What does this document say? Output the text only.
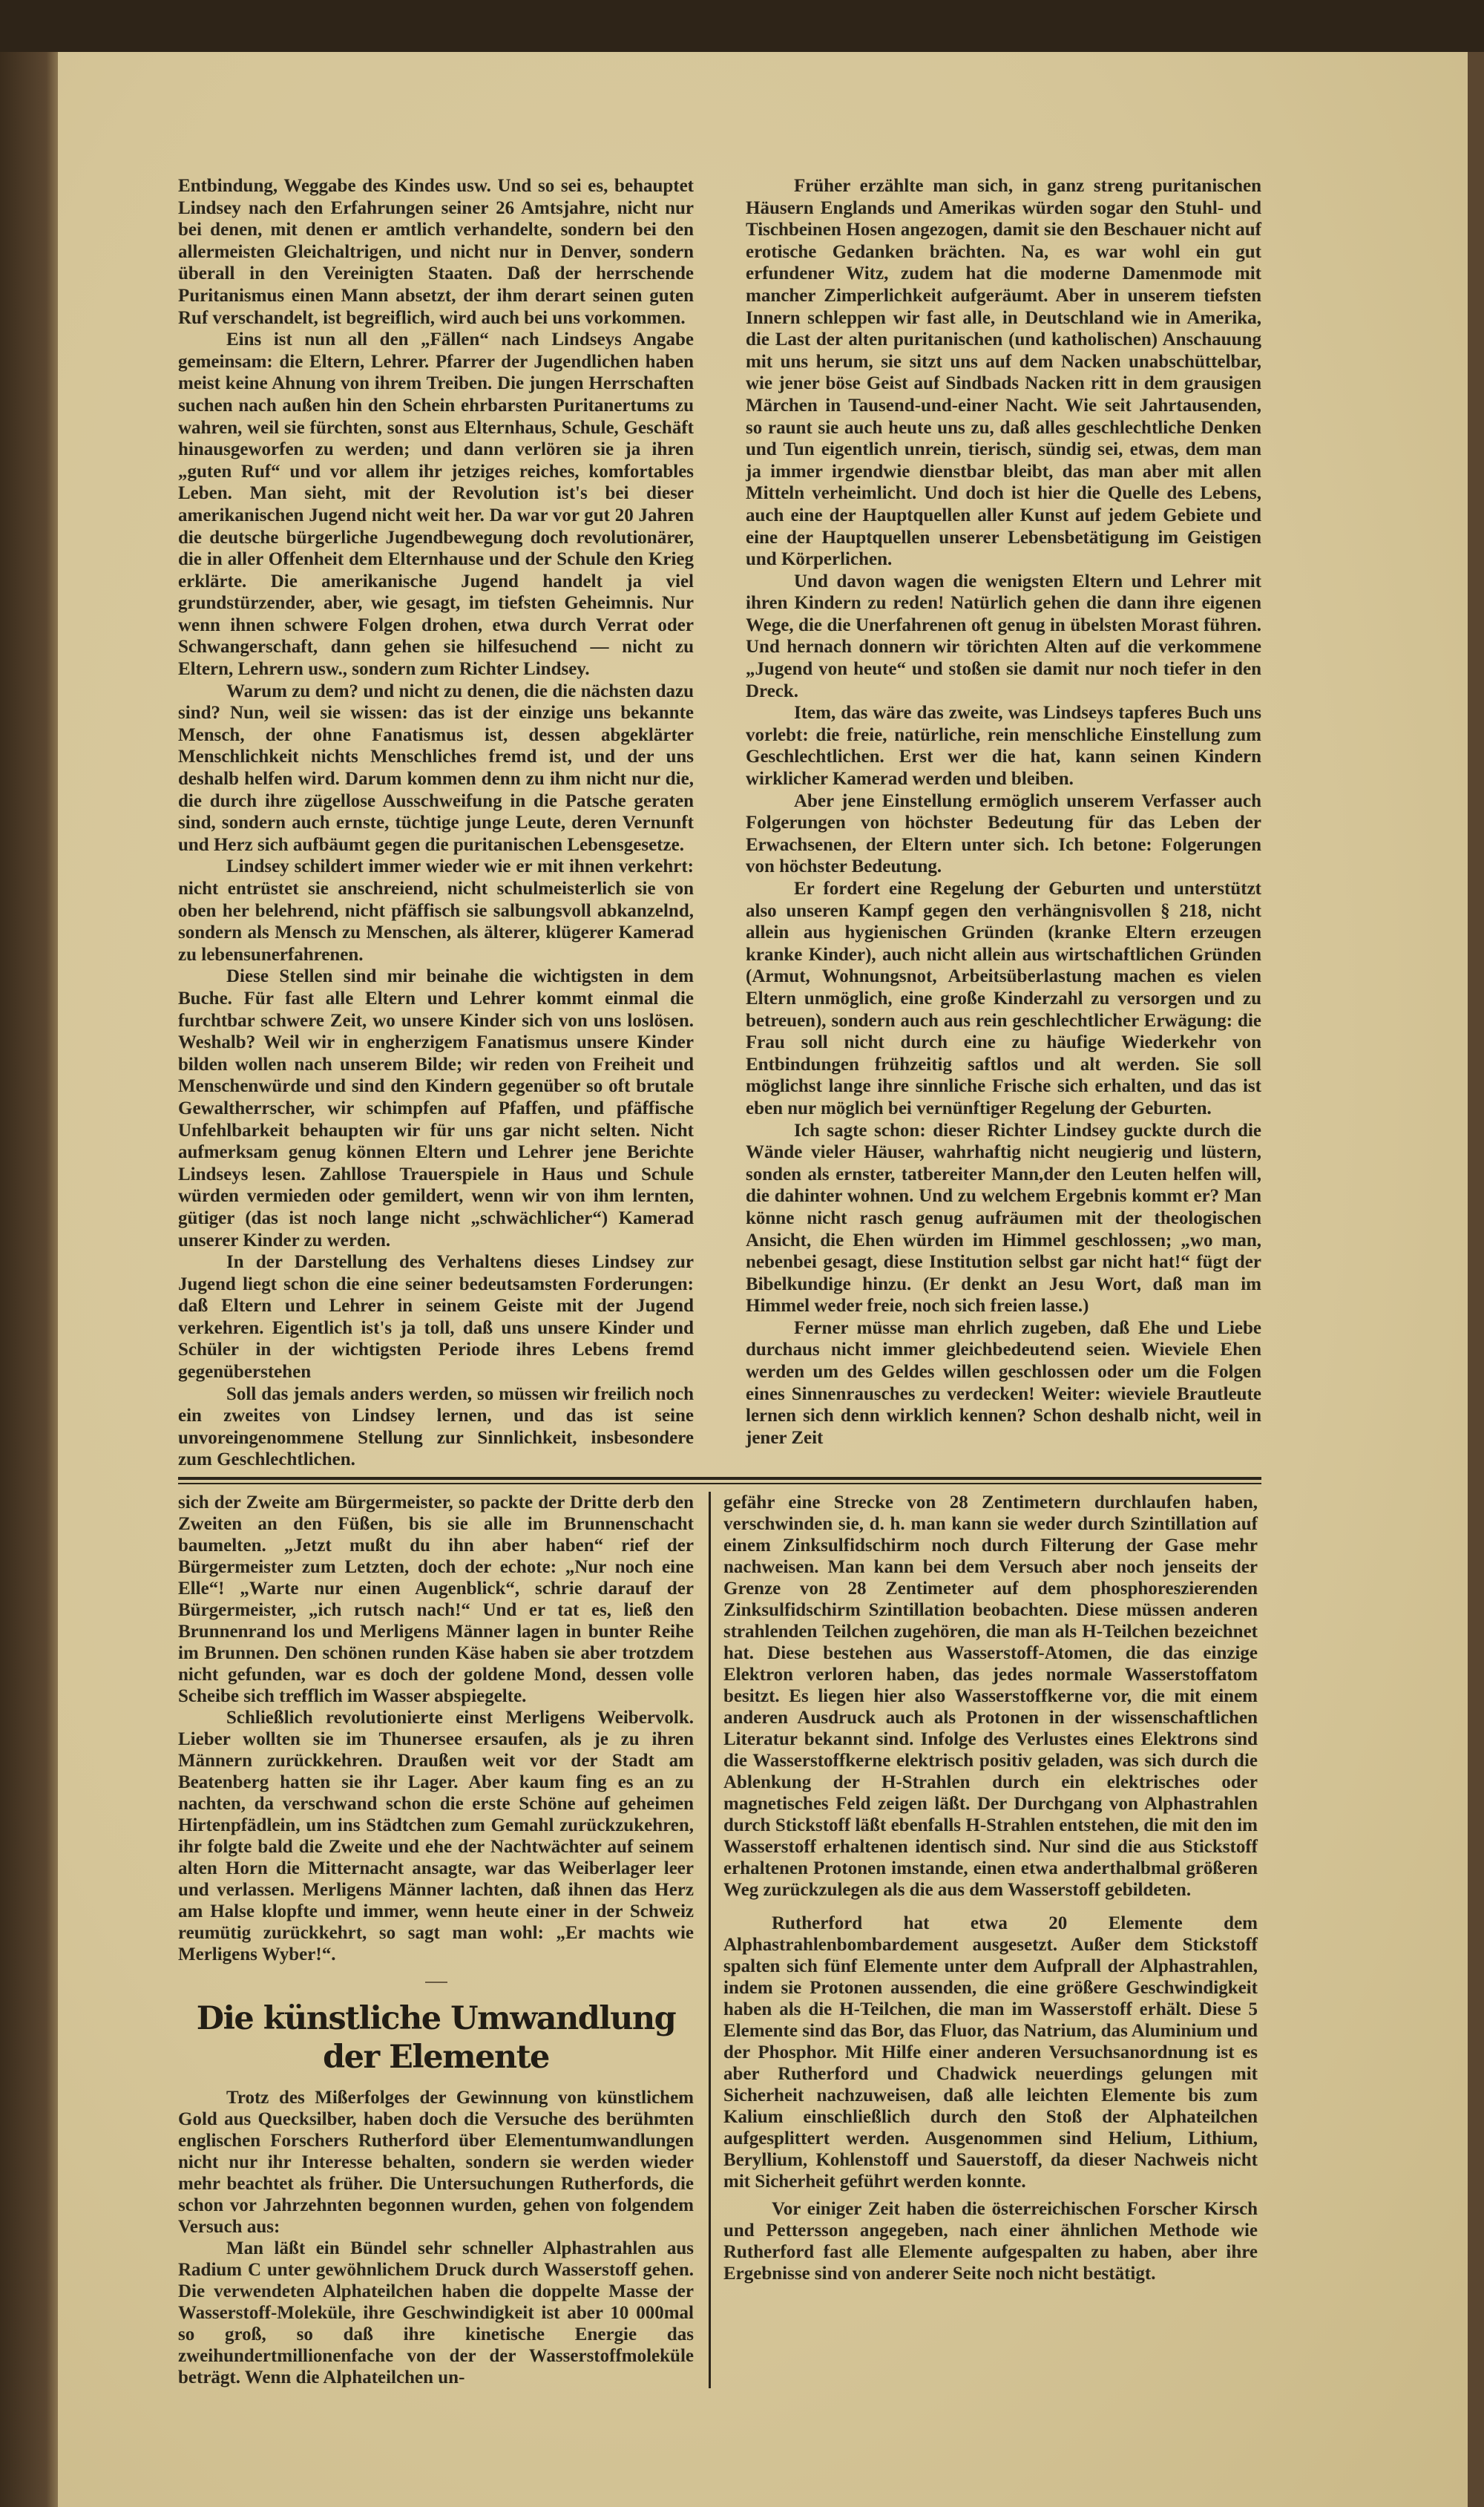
Entbindung, Weggabe des Kindes usw. Und so sei es, behauptet Lindsey nach den Erfahrungen seiner 26 Amtsjahre, nicht nur bei denen, mit denen er amtlich verhandelte, sondern bei den allermeisten Gleichaltrigen, und nicht nur in Denver, sondern überall in den Vereinigten Staaten. Daß der herrschende Puritanismus einen Mann absetzt, der ihm derart seinen guten Ruf verschandelt, ist begreiflich, wird auch bei uns vorkommen.

Eins ist nun all den „Fällen“ nach Lindseys Angabe gemeinsam: die Eltern, Lehrer. Pfarrer der Jugendlichen haben meist keine Ahnung von ihrem Treiben. Die jungen Herrschaften suchen nach außen hin den Schein ehrbarsten Puritanertums zu wahren, weil sie fürchten, sonst aus Elternhaus, Schule, Geschäft hinausgeworfen zu werden; und dann verlören sie ja ihren „guten Ruf“ und vor allem ihr jetziges reiches, komfortables Leben. Man sieht, mit der Revolution ist's bei dieser amerikanischen Jugend nicht weit her. Da war vor gut 20 Jahren die deutsche bürgerliche Jugendbewegung doch revolutionärer, die in aller Offenheit dem Elternhause und der Schule den Krieg erklärte. Die amerikanische Jugend handelt ja viel grundstürzender, aber, wie gesagt, im tiefsten Geheimnis. Nur wenn ihnen schwere Folgen drohen, etwa durch Verrat oder Schwangerschaft, dann gehen sie hilfesuchend — nicht zu Eltern, Lehrern usw., sondern zum Richter Lindsey.

Warum zu dem? und nicht zu denen, die die nächsten dazu sind? Nun, weil sie wissen: das ist der einzige uns bekannte Mensch, der ohne Fanatismus ist, dessen abgeklärter Menschlichkeit nichts Menschliches fremd ist, und der uns deshalb helfen wird. Darum kommen denn zu ihm nicht nur die, die durch ihre zügellose Ausschweifung in die Patsche geraten sind, sondern auch ernste, tüchtige junge Leute, deren Vernunft und Herz sich aufbäumt gegen die puritanischen Lebensgesetze.

Lindsey schildert immer wieder wie er mit ihnen verkehrt: nicht entrüstet sie anschreiend, nicht schulmeisterlich sie von oben her belehrend, nicht pfäffisch sie salbungsvoll abkanzelnd, sondern als Mensch zu Menschen, als älterer, klügerer Kamerad zu lebensunerfahrenen.

Diese Stellen sind mir beinahe die wichtigsten in dem Buche. Für fast alle Eltern und Lehrer kommt einmal die furchtbar schwere Zeit, wo unsere Kinder sich von uns loslösen. Weshalb? Weil wir in engherzigem Fanatismus unsere Kinder bilden wollen nach unserem Bilde; wir reden von Freiheit und Menschenwürde und sind den Kindern gegenüber so oft brutale Gewaltherrscher, wir schimpfen auf Pfaffen, und pfäffische Unfehlbarkeit behaupten wir für uns gar nicht selten. Nicht aufmerksam genug können Eltern und Lehrer jene Berichte Lindseys lesen. Zahllose Trauerspiele in Haus und Schule würden vermieden oder gemildert, wenn wir von ihm lernten, gütiger (das ist noch lange nicht „schwächlicher“) Kamerad unserer Kinder zu werden.

In der Darstellung des Verhaltens dieses Lindsey zur Jugend liegt schon die eine seiner bedeutsamsten Forderungen: daß Eltern und Lehrer in seinem Geiste mit der Jugend verkehren. Eigentlich ist's ja toll, daß uns unsere Kinder und Schüler in der wichtigsten Periode ihres Lebens fremd gegenüberstehen

Soll das jemals anders werden, so müssen wir freilich noch ein zweites von Lindsey lernen, und das ist seine unvoreingenommene Stellung zur Sinnlichkeit, insbesondere zum Geschlechtlichen.

Früher erzählte man sich, in ganz streng puritanischen Häusern Englands und Amerikas würden sogar den Stuhl- und Tischbeinen Hosen angezogen, damit sie den Beschauer nicht auf erotische Gedanken brächten. Na, es war wohl ein gut erfundener Witz, zudem hat die moderne Damenmode mit mancher Zimperlichkeit aufgeräumt. Aber in unserem tiefsten Innern schleppen wir fast alle, in Deutschland wie in Amerika, die Last der alten puritanischen (und katholischen) Anschauung mit uns herum, sie sitzt uns auf dem Nacken unabschüttelbar, wie jener böse Geist auf Sindbads Nacken ritt in dem grausigen Märchen in Tausend-und-einer Nacht. Wie seit Jahrtausenden, so raunt sie auch heute uns zu, daß alles geschlechtliche Denken und Tun eigentlich unrein, tierisch, sündig sei, etwas, dem man ja immer irgendwie dienstbar bleibt, das man aber mit allen Mitteln verheimlicht. Und doch ist hier die Quelle des Lebens, auch eine der Hauptquellen aller Kunst auf jedem Gebiete und eine der Hauptquellen unserer Lebensbetätigung im Geistigen und Körperlichen.

Und davon wagen die wenigsten Eltern und Lehrer mit ihren Kindern zu reden! Natürlich gehen die dann ihre eigenen Wege, die die Unerfahrenen oft genug in übelsten Morast führen. Und hernach donnern wir törichten Alten auf die verkommene „Jugend von heute“ und stoßen sie damit nur noch tiefer in den Dreck.

Item, das wäre das zweite, was Lindseys tapferes Buch uns vorlebt: die freie, natürliche, rein menschliche Einstellung zum Geschlechtlichen. Erst wer die hat, kann seinen Kindern wirklicher Kamerad werden und bleiben.

Aber jene Einstellung ermöglich unserem Verfasser auch Folgerungen von höchster Bedeutung für das Leben der Erwachsenen, der Eltern unter sich. Ich betone: Folgerungen von höchster Bedeutung.

Er fordert eine Regelung der Geburten und unterstützt also unseren Kampf gegen den verhängnisvollen § 218, nicht allein aus hygienischen Gründen (kranke Eltern erzeugen kranke Kinder), auch nicht allein aus wirtschaftlichen Gründen (Armut, Wohnungsnot, Arbeitsüberlastung machen es vielen Eltern unmöglich, eine große Kinderzahl zu versorgen und zu betreuen), sondern auch aus rein geschlechtlicher Erwägung: die Frau soll nicht durch eine zu häufige Wiederkehr von Entbindungen frühzeitig saftlos und alt werden. Sie soll möglichst lange ihre sinnliche Frische sich erhalten, und das ist eben nur möglich bei vernünftiger Regelung der Geburten.

Ich sagte schon: dieser Richter Lindsey guckte durch die Wände vieler Häuser, wahrhaftig nicht neugierig und lüstern, sonden als ernster, tatbereiter Mann,der den Leuten helfen will, die dahinter wohnen. Und zu welchem Ergebnis kommt er? Man könne nicht rasch genug aufräumen mit der theologischen Ansicht, die Ehen würden im Himmel geschlossen; „wo man, nebenbei gesagt, diese Institution selbst gar nicht hat!“ fügt der Bibelkundige hinzu. (Er denkt an Jesu Wort, daß man im Himmel weder freie, noch sich freien lasse.)

Ferner müsse man ehrlich zugeben, daß Ehe und Liebe durchaus nicht immer gleichbedeutend seien. Wieviele Ehen werden um des Geldes willen geschlossen oder um die Folgen eines Sinnenrausches zu verdecken! Weiter: wieviele Brautleute lernen sich denn wirklich kennen? Schon deshalb nicht, weil in jener Zeit

sich der Zweite am Bürgermeister, so packte der Dritte derb den Zweiten an den Füßen, bis sie alle im Brunnenschacht baumelten. „Jetzt mußt du ihn aber haben“ rief der Bürgermeister zum Letzten, doch der echote: „Nur noch eine Elle“! „Warte nur einen Augenblick“, schrie darauf der Bürgermeister, „ich rutsch nach!“ Und er tat es, ließ den Brunnenrand los und Merligens Männer lagen in bunter Reihe im Brunnen. Den schönen runden Käse haben sie aber trotzdem nicht gefunden, war es doch der goldene Mond, dessen volle Scheibe sich trefflich im Wasser abspiegelte.

Schließlich revolutionierte einst Merligens Weibervolk. Lieber wollten sie im Thunersee ersaufen, als je zu ihren Männern zurückkehren. Draußen weit vor der Stadt am Beatenberg hatten sie ihr Lager. Aber kaum fing es an zu nachten, da verschwand schon die erste Schöne auf geheimen Hirtenpfädlein, um ins Städtchen zum Gemahl zurückzukehren, ihr folgte bald die Zweite und ehe der Nachtwächter auf seinem alten Horn die Mitternacht ansagte, war das Weiberlager leer und verlassen. Merligens Männer lachten, daß ihnen das Herz am Halse klopfte und immer, wenn heute einer in der Schweiz reumütig zurückkehrt, so sagt man wohl: „Er machts wie Merligens Wyber!“.

Die künstliche Umwandlung der Elemente

Trotz des Mißerfolges der Gewinnung von künstlichem Gold aus Quecksilber, haben doch die Versuche des berühmten englischen Forschers Rutherford über Elementumwandlungen nicht nur ihr Interesse behalten, sondern sie werden wieder mehr beachtet als früher. Die Untersuchungen Rutherfords, die schon vor Jahrzehnten begonnen wurden, gehen von folgendem Versuch aus:

Man läßt ein Bündel sehr schneller Alphastrahlen aus Radium C unter gewöhnlichem Druck durch Wasserstoff gehen. Die verwendeten Alphateilchen haben die doppelte Masse der Wasserstoff-Moleküle, ihre Geschwindigkeit ist aber 10 000mal so groß, so daß ihre kinetische Energie das zweihundertmillionenfache von der der Wasserstoffmoleküle beträgt. Wenn die Alphateilchen un-

gefähr eine Strecke von 28 Zentimetern durchlaufen haben, verschwinden sie, d. h. man kann sie weder durch Szintillation auf einem Zinksulfidschirm noch durch Filterung der Gase mehr nachweisen. Man kann bei dem Versuch aber noch jenseits der Grenze von 28 Zentimeter auf dem phosphoreszierenden Zinksulfidschirm Szintillation beobachten. Diese müssen anderen strahlenden Teilchen zugehören, die man als H-Teilchen bezeichnet hat. Diese bestehen aus Wasserstoff-Atomen, die das einzige Elektron verloren haben, das jedes normale Wasserstoffatom besitzt. Es liegen hier also Wasserstoffkerne vor, die mit einem anderen Ausdruck auch als Protonen in der wissenschaftlichen Literatur bekannt sind. Infolge des Verlustes eines Elektrons sind die Wasserstoffkerne elektrisch positiv geladen, was sich durch die Ablenkung der H-Strahlen durch ein elektrisches oder magnetisches Feld zeigen läßt. Der Durchgang von Alphastrahlen durch Stickstoff läßt ebenfalls H-Strahlen entstehen, die mit den im Wasserstoff erhaltenen identisch sind. Nur sind die aus Stickstoff erhaltenen Protonen imstande, einen etwa anderthalbmal größeren Weg zurückzulegen als die aus dem Wasserstoff gebildeten.

Rutherford hat etwa 20 Elemente dem Alphastrahlenbombardement ausgesetzt. Außer dem Stickstoff spalten sich fünf Elemente unter dem Aufprall der Alphastrahlen, indem sie Protonen aussenden, die eine größere Geschwindigkeit haben als die H-Teilchen, die man im Wasserstoff erhält. Diese 5 Elemente sind das Bor, das Fluor, das Natrium, das Aluminium und der Phosphor. Mit Hilfe einer anderen Versuchsanordnung ist es aber Rutherford und Chadwick neuerdings gelungen mit Sicherheit nachzuweisen, daß alle leichten Elemente bis zum Kalium einschließlich durch den Stoß der Alphateilchen aufgesplittert werden. Ausgenommen sind Helium, Lithium, Beryllium, Kohlenstoff und Sauerstoff, da dieser Nachweis nicht mit Sicherheit geführt werden konnte.

Vor einiger Zeit haben die österreichischen Forscher Kirsch und Pettersson angegeben, nach einer ähnlichen Methode wie Rutherford fast alle Elemente aufgespalten zu haben, aber ihre Ergebnisse sind von anderer Seite noch nicht bestätigt.
